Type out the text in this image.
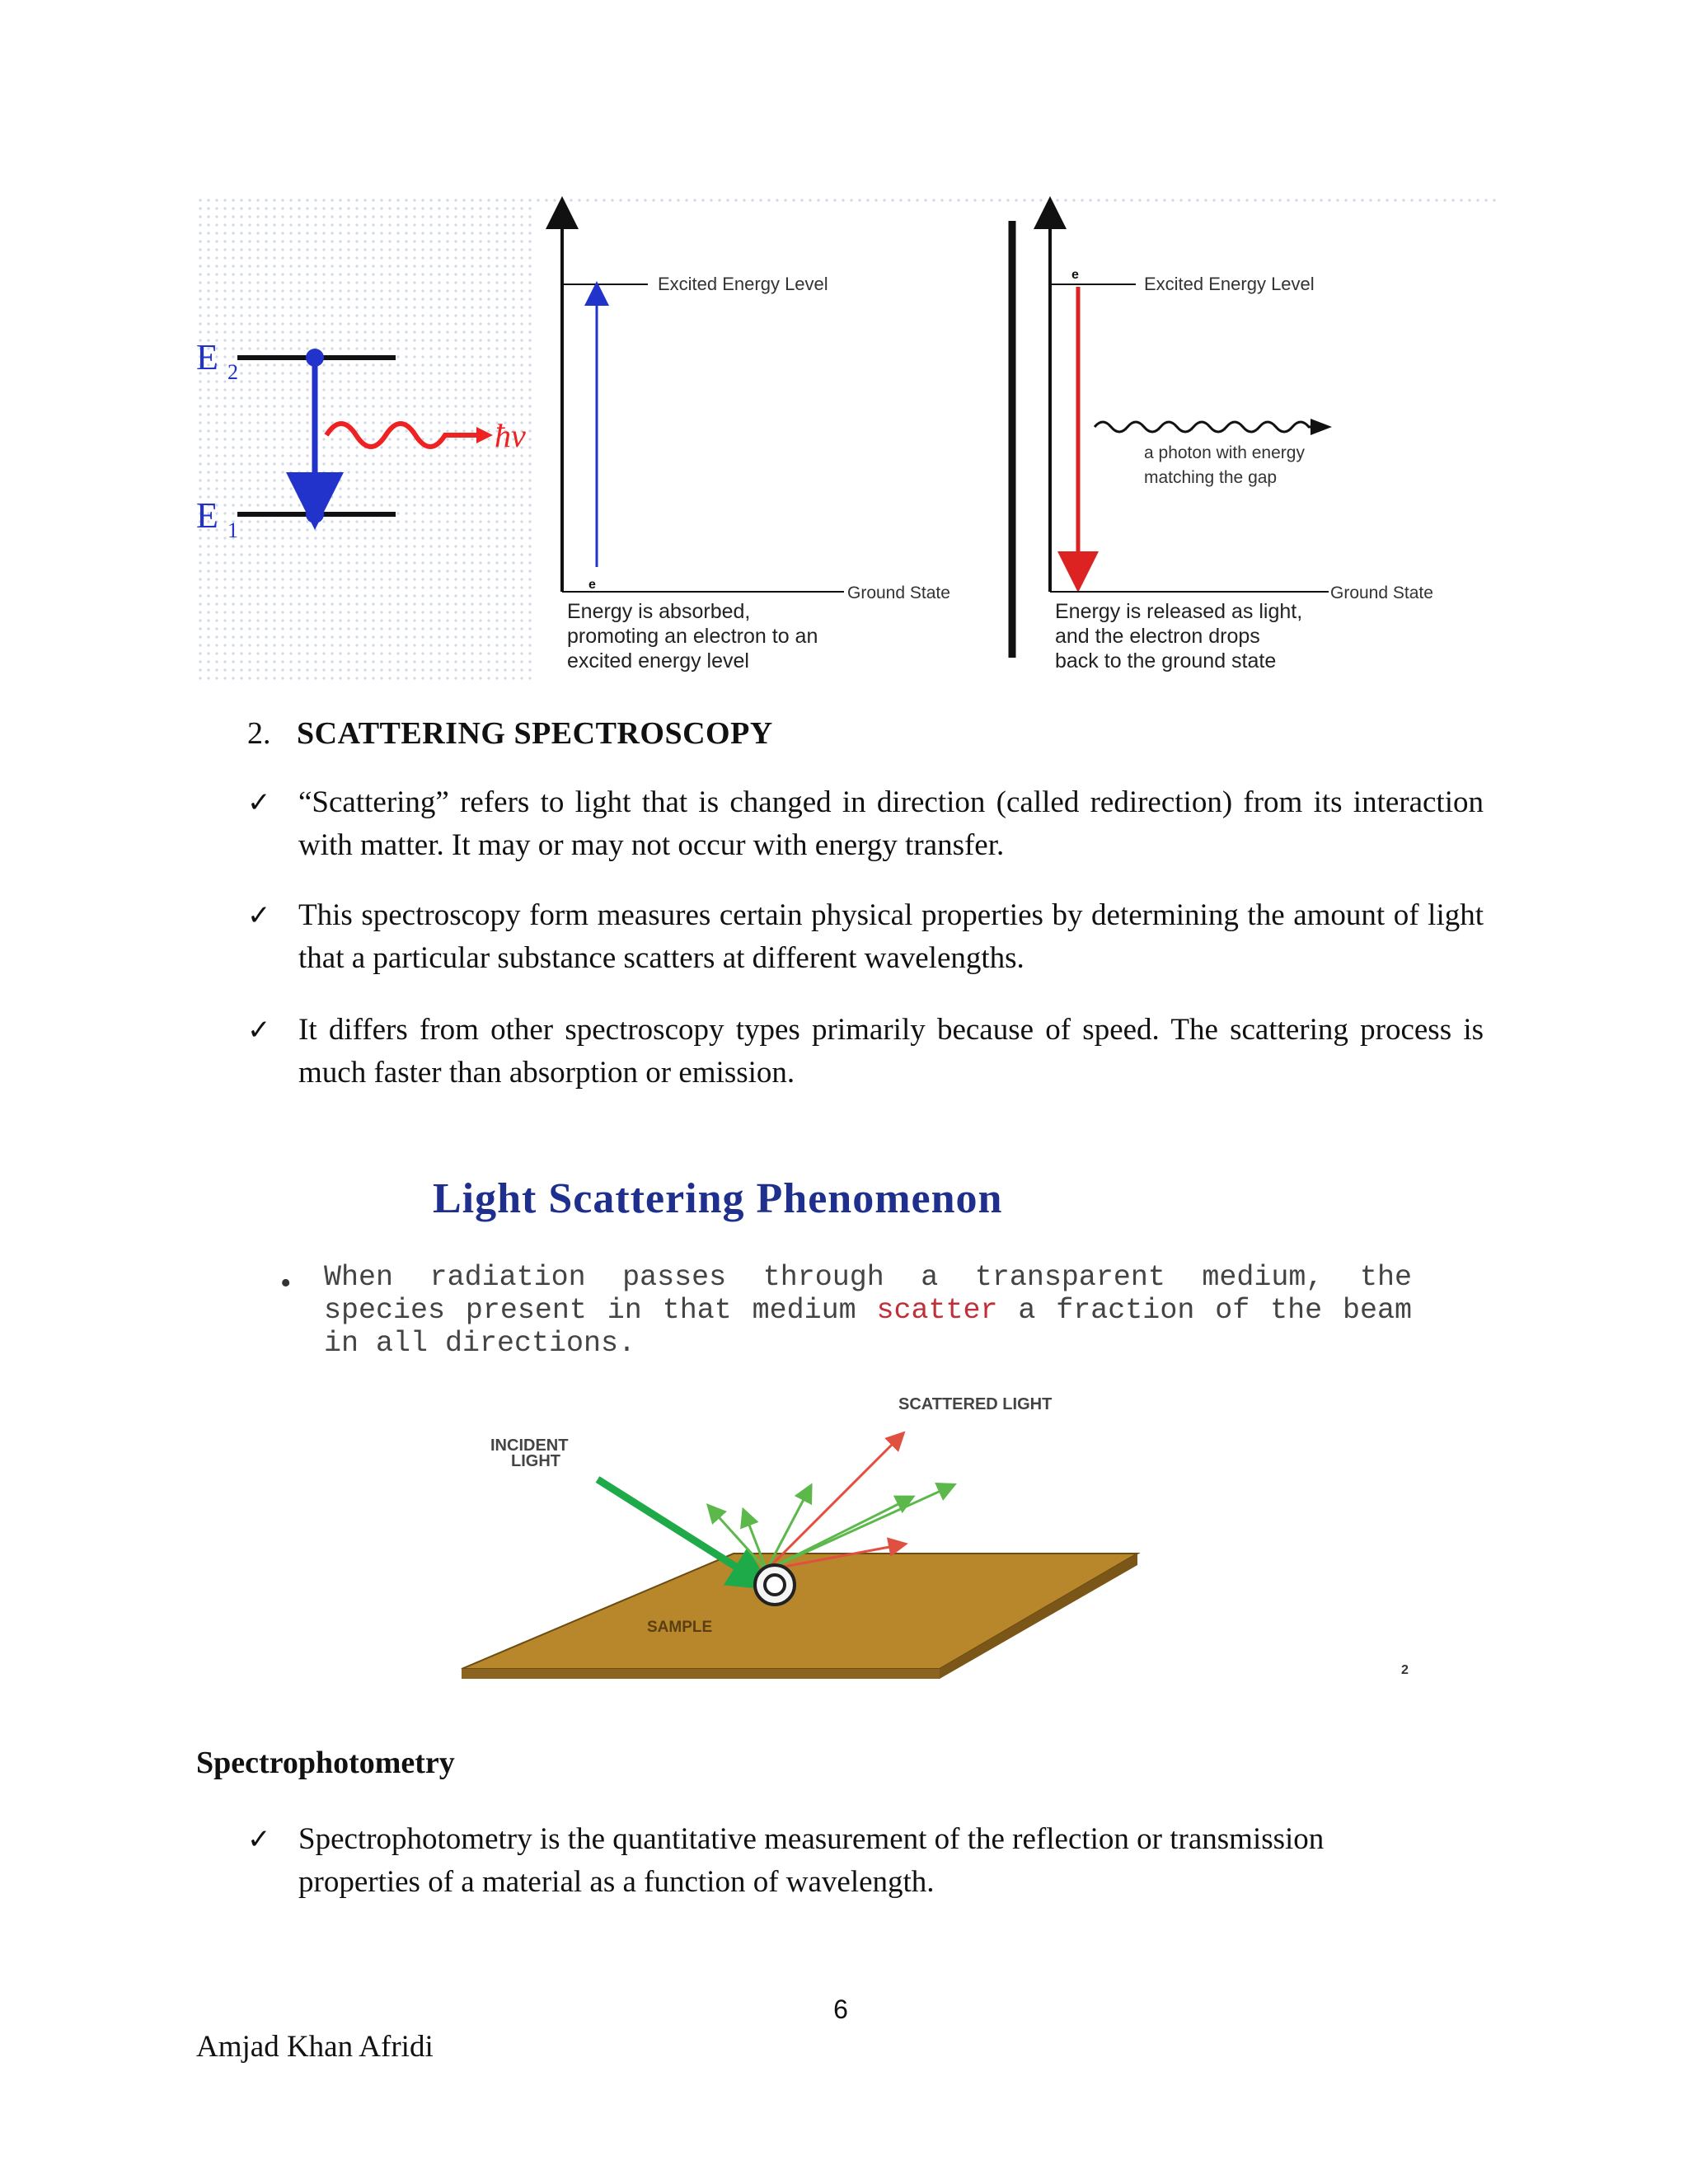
E 2
E 1
ħν
Excited Energy Level
Ground State
e
Energy is absorbed,
promoting an electron to an
excited energy level
Excited Energy Level
e
Ground State
a photon with energy
matching the gap
Energy is released as light,
and the electron drops
back to the ground state
2. SCATTERING SPECTROSCOPY
✓ “Scattering” refers to light that is changed in direction (called redirection) from its interaction with matter. It may or may not occur with energy transfer.
✓ This spectroscopy form measures certain physical properties by determining the amount of light that a particular substance scatters at different wavelengths.
✓ It differs from other spectroscopy types primarily because of speed. The scattering process is much faster than absorption or emission.
Light Scattering Phenomenon
• When radiation passes through a transparent medium, the species present in that medium scatter a fraction of the beam in all directions.
INCIDENT
LIGHT
SCATTERED LIGHT
SAMPLE
2
Spectrophotometry
✓ Spectrophotometry is the quantitative measurement of the reflection or transmission properties of a material as a function of wavelength.
6
Amjad Khan Afridi
